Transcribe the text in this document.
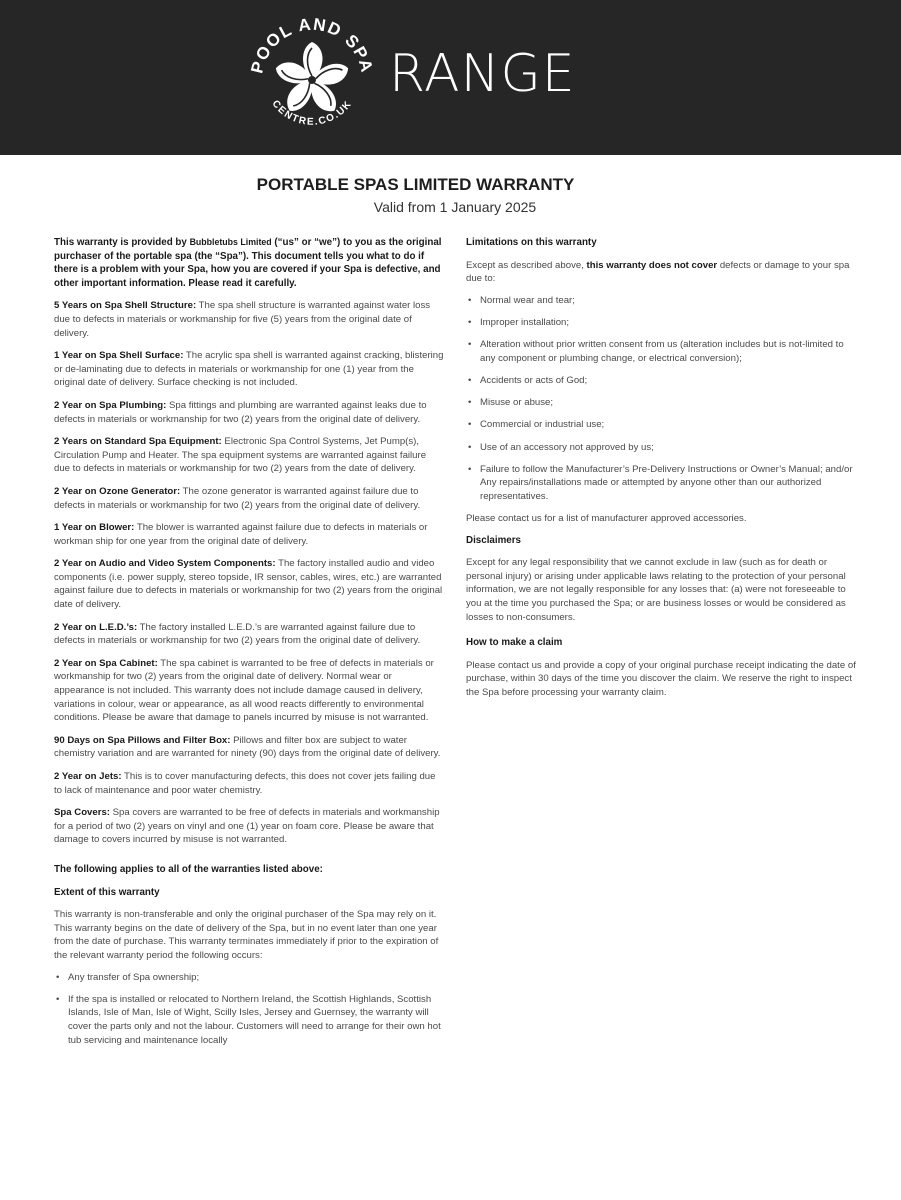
POOL AND SPA
CENTRE.CO.UK
RANGE
PORTABLE SPAS LIMITED WARRANTY
Valid from 1 January 2025

This warranty is provided by Bubbletubs Limited (“us” or “we”) to you as the original purchaser of the portable spa (the “Spa”). This document tells you what to do if there is a problem with your Spa, how you are covered if your Spa is defective, and other important information. Please read it carefully.

5 Years on Spa Shell Structure: The spa shell structure is warranted against water loss due to defects in materials or workmanship for five (5) years from the original date of delivery.

1 Year on Spa Shell Surface: The acrylic spa shell is warranted against cracking, blistering or de-laminating due to defects in materials or workmanship for one (1) year from the original date of delivery. Surface checking is not included.

2 Year on Spa Plumbing: Spa fittings and plumbing are warranted against leaks due to defects in materials or workmanship for two (2) years from the original date of delivery.

2 Years on Standard Spa Equipment: Electronic Spa Control Systems, Jet Pump(s), Circulation Pump and Heater. The spa equipment systems are warranted against failure due to defects in materials or workmanship for two (2) years from the date of delivery.

2 Year on Ozone Generator: The ozone generator is warranted against failure due to defects in materials or workmanship for two (2) years from the original date of delivery.

1 Year on Blower: The blower is warranted against failure due to defects in materials or workman ship for one year from the original date of delivery.

2 Year on Audio and Video System Components: The factory installed audio and video components (i.e. power supply, stereo topside, IR sensor, cables, wires, etc.) are warranted against failure due to defects in materials or workmanship for two (2) years from the original date of delivery.

2 Year on L.E.D.’s: The factory installed L.E.D.’s are warranted against failure due to defects in materials or workmanship for two (2) years from the original date of delivery.

2 Year on Spa Cabinet: The spa cabinet is warranted to be free of defects in materials or workmanship for two (2) years from the original date of delivery. Normal wear or appearance is not included. This warranty does not include damage caused in delivery, variations in colour, wear or appearance, as all wood reacts differently to environmental conditions. Please be aware that damage to panels incurred by misuse is not warranted.

90 Days on Spa Pillows and Filter Box: Pillows and filter box are subject to water chemistry variation and are warranted for ninety (90) days from the original date of delivery.

2 Year on Jets: This is to cover manufacturing defects, this does not cover jets failing due to lack of maintenance and poor water chemistry.

Spa Covers: Spa covers are warranted to be free of defects in materials and workmanship for a period of two (2) years on vinyl and one (1) year on foam core. Please be aware that damage to covers incurred by misuse is not warranted.

The following applies to all of the warranties listed above:

Extent of this warranty

This warranty is non-transferable and only the original purchaser of the Spa may rely on it. This warranty begins on the date of delivery of the Spa, but in no event later than one year from the date of purchase. This warranty terminates immediately if prior to the expiration of the relevant warranty period the following occurs:

• Any transfer of Spa ownership;
• If the spa is installed or relocated to Northern Ireland, the Scottish Highlands, Scottish Islands, Isle of Man, Isle of Wight, Scilly Isles, Jersey and Guernsey, the warranty will cover the parts only and not the labour. Customers will need to arrange for their own hot tub servicing and maintenance locally

Limitations on this warranty

Except as described above, this warranty does not cover defects or damage to your spa due to:

• Normal wear and tear;
• Improper installation;
• Alteration without prior written consent from us (alteration includes but is not-limited to any component or plumbing change, or electrical conversion);
• Accidents or acts of God;
• Misuse or abuse;
• Commercial or industrial use;
• Use of an accessory not approved by us;
• Failure to follow the Manufacturer’s Pre-Delivery Instructions or Owner’s Manual; and/or Any repairs/installations made or attempted by anyone other than our authorized representatives.

Please contact us for a list of manufacturer approved accessories.

Disclaimers

Except for any legal responsibility that we cannot exclude in law (such as for death or personal injury) or arising under applicable laws relating to the protection of your personal information, we are not legally responsible for any losses that: (a) were not foreseeable to you at the time you purchased the Spa; or are business losses or would be considered as losses to non-consumers.

How to make a claim

Please contact us and provide a copy of your original purchase receipt indicating the date of purchase, within 30 days of the time you discover the claim. We reserve the right to inspect the Spa before processing your warranty claim.
